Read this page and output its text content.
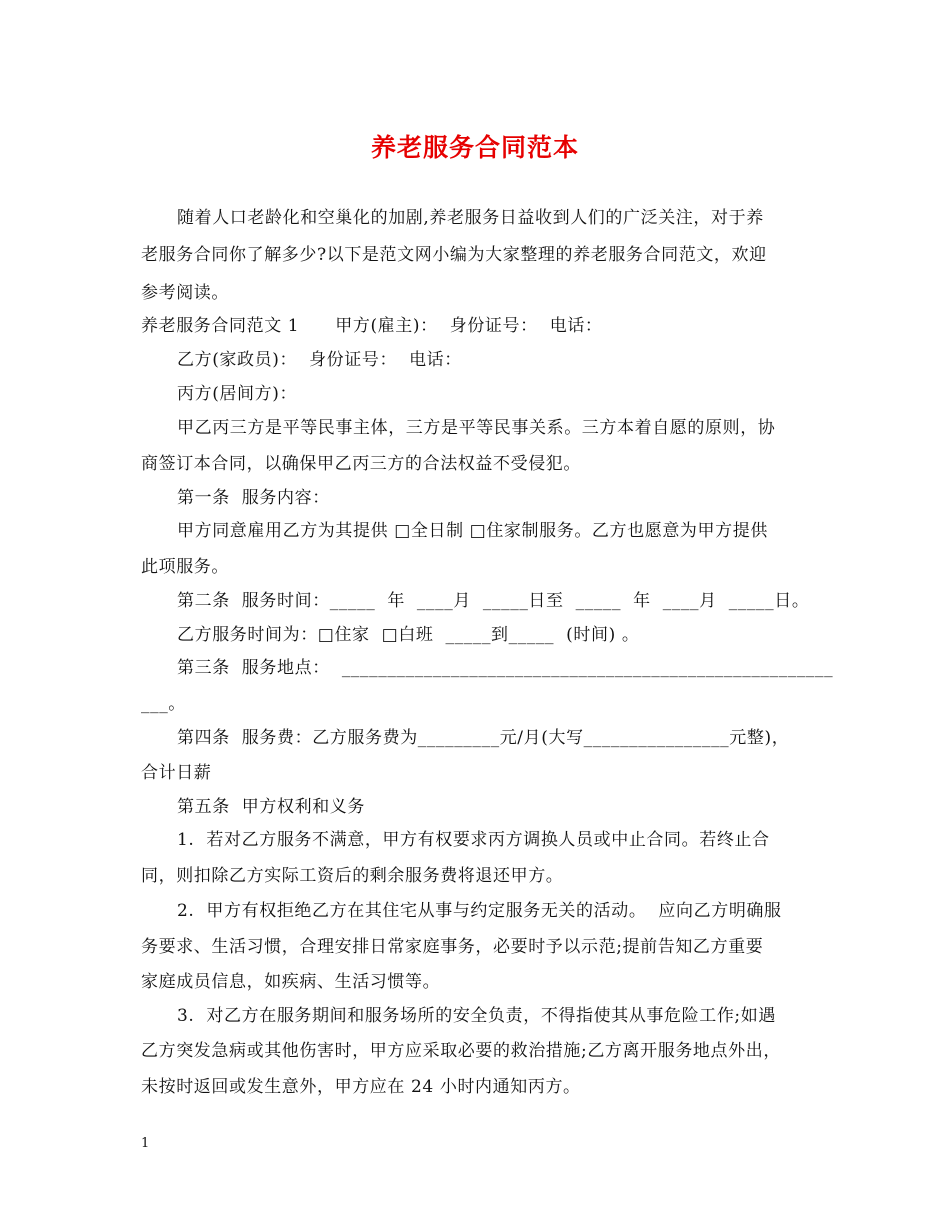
养老服务合同范本
随着人口老龄化和空巢化的加剧,养老服务日益收到人们的广泛关注，对于养
老服务合同你了解多少?以下是范文网小编为大家整理的养老服务合同范文，欢迎
参考阅读。
养老服务合同范文 1      甲方(雇主)：  身份证号：  电话：
乙方(家政员)：  身份证号：  电话：
丙方(居间方)：
甲乙丙三方是平等民事主体，三方是平等民事关系。三方本着自愿的原则，协
商签订本合同，以确保甲乙丙三方的合法权益不受侵犯。
第一条  服务内容：
甲方同意雇用乙方为其提供 □全日制 □住家制服务。乙方也愿意为甲方提供
此项服务。
第二条  服务时间：_____  年  ____月  _____日至  _____  年  ____月  _____日。
乙方服务时间为：□住家  □白班  _____到_____  (时间) 。
第三条  服务地点：  ______________________________________________________
___。
第四条  服务费：乙方服务费为_________元/月(大写________________元整)，
合计日薪
第五条  甲方权利和义务
1.  若对乙方服务不满意，甲方有权要求丙方调换人员或中止合同。若终止合
同，则扣除乙方实际工资后的剩余服务费将退还甲方。
2.  甲方有权拒绝乙方在其住宅从事与约定服务无关的活动。  应向乙方明确服
务要求、生活习惯，合理安排日常家庭事务，必要时予以示范;提前告知乙方重要
家庭成员信息，如疾病、生活习惯等。
3.  对乙方在服务期间和服务场所的安全负责，不得指使其从事危险工作;如遇
乙方突发急病或其他伤害时，甲方应采取必要的救治措施;乙方离开服务地点外出，
未按时返回或发生意外，甲方应在 24 小时内通知丙方。
1
